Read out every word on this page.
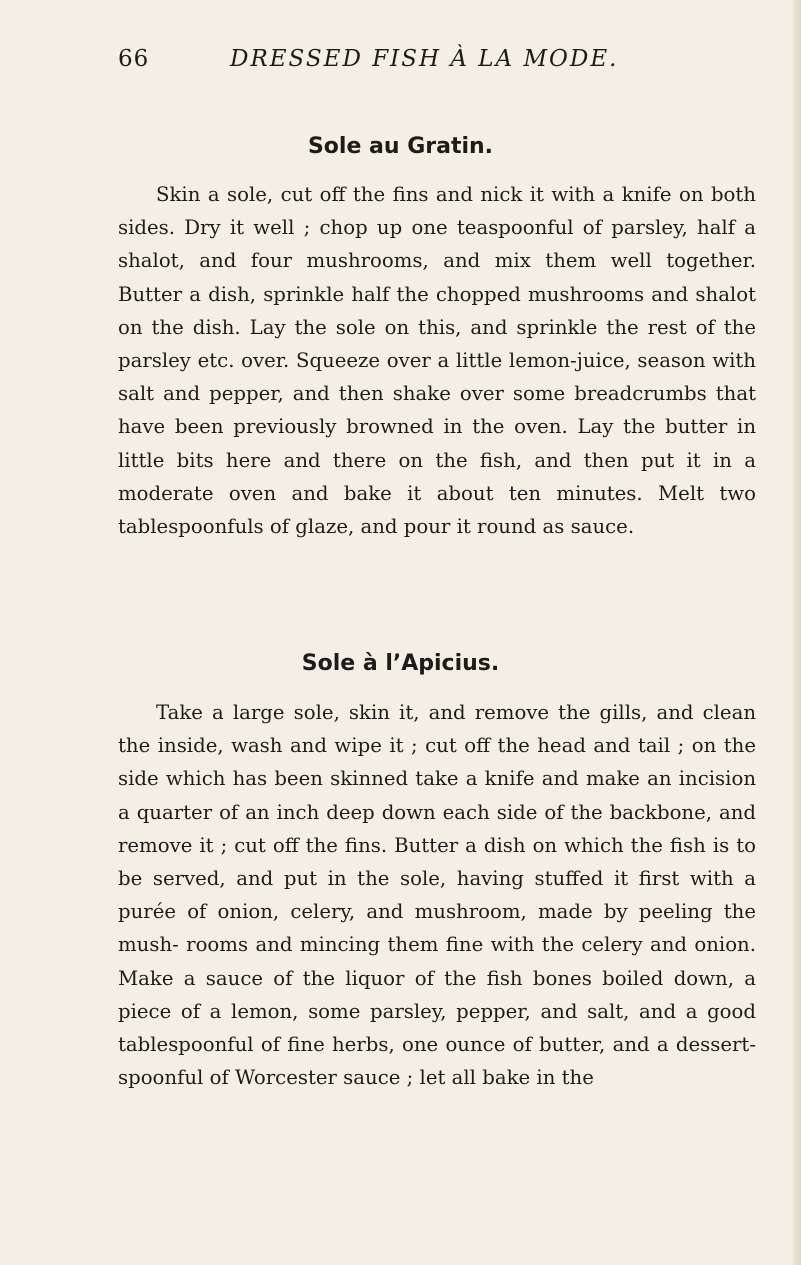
66	DRESSED FISH À LA MODE.
Sole au Gratin.

Skin a sole, cut off the fins and nick it with a knife on both sides. Dry it well ; chop up one teaspoonful of parsley, half a shalot, and four mushrooms, and mix them well together. Butter a dish, sprinkle half the chopped mushrooms and shalot on the dish. Lay the sole on this, and sprinkle the rest of the parsley etc. over. Squeeze over a little lemon-juice, season with salt and pepper, and then shake over some breadcrumbs that have been previously browned in the oven. Lay the butter in little bits here and there on the fish, and then put it in a moderate oven and bake it about ten minutes. Melt two tablespoonfuls of glaze, and pour it round as sauce.

Sole à l’Apicius.

Take a large sole, skin it, and remove the gills, and clean the inside, wash and wipe it ; cut off the head and tail ; on the side which has been skinned take a knife and make an incision a quarter of an inch deep down each side of the backbone, and remove it ; cut off the fins. Butter a dish on which the fish is to be served, and put in the sole, having stuffed it first with a purée of onion, celery, and mushroom, made by peeling the mush- rooms and mincing them fine with the celery and onion. Make a sauce of the liquor of the fish bones boiled down, a piece of a lemon, some parsley, pepper, and salt, and a good tablespoonful of fine herbs, one ounce of butter, and a dessert- spoonful of Worcester sauce ; let all bake in the
